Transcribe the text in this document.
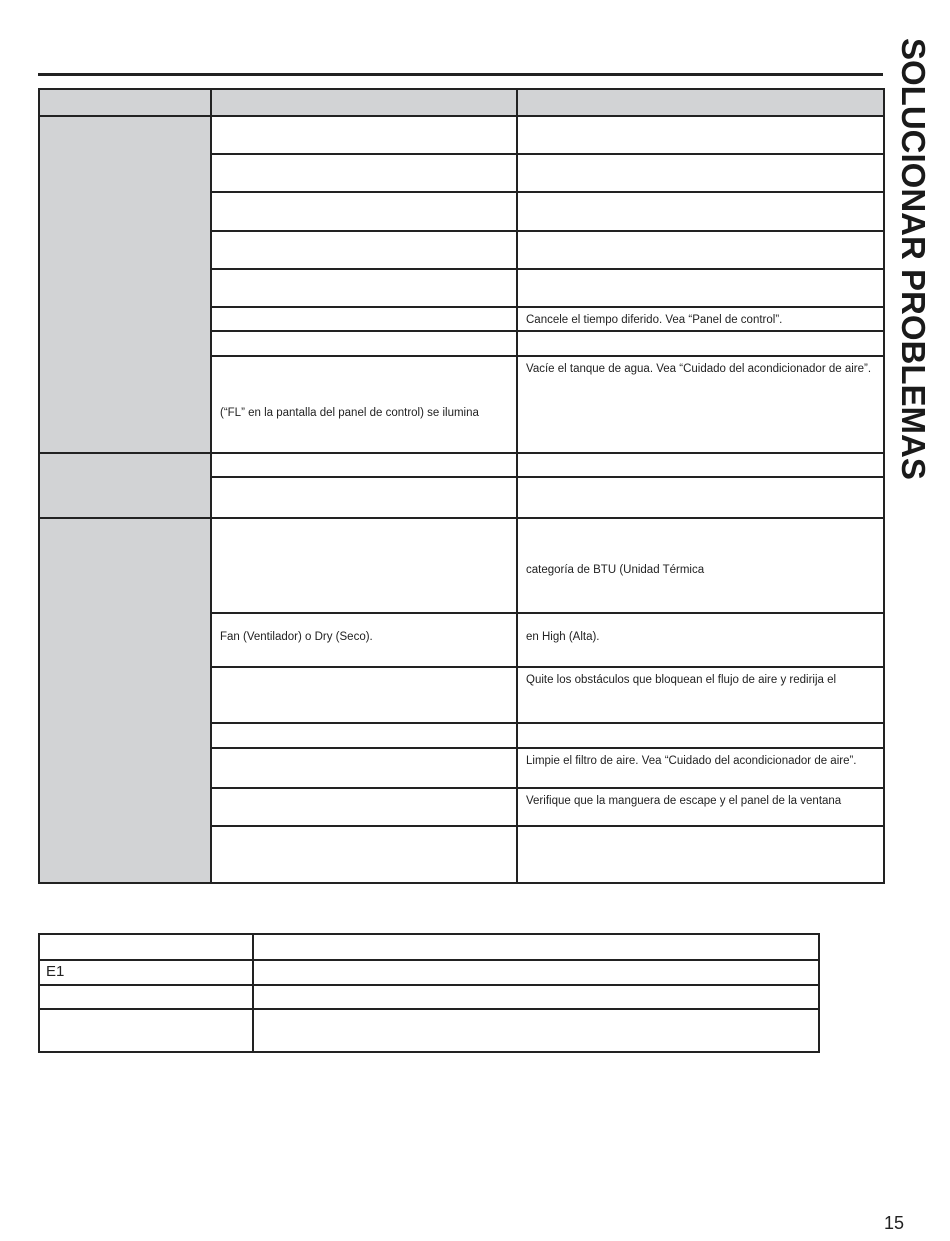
SOLUCIONAR PROBLEMAS

		Cancele el tiempo diferido. Vea “Panel de control”.

	(“FL” en la pantalla del panel de control) se ilumina	Vacíe el tanque de agua. Vea “Cuidado del acondicionador de aire”.

		categoría de BTU (Unidad Térmica
	Fan (Ventilador) o Dry (Seco).	en High (Alta).
		Quite los obstáculos que bloquean el flujo de aire y redirija el

		Limpie el filtro de aire. Vea “Cuidado del acondicionador de aire”.
		Verifique que la manguera de escape y el panel de la ventana

E1	

15
